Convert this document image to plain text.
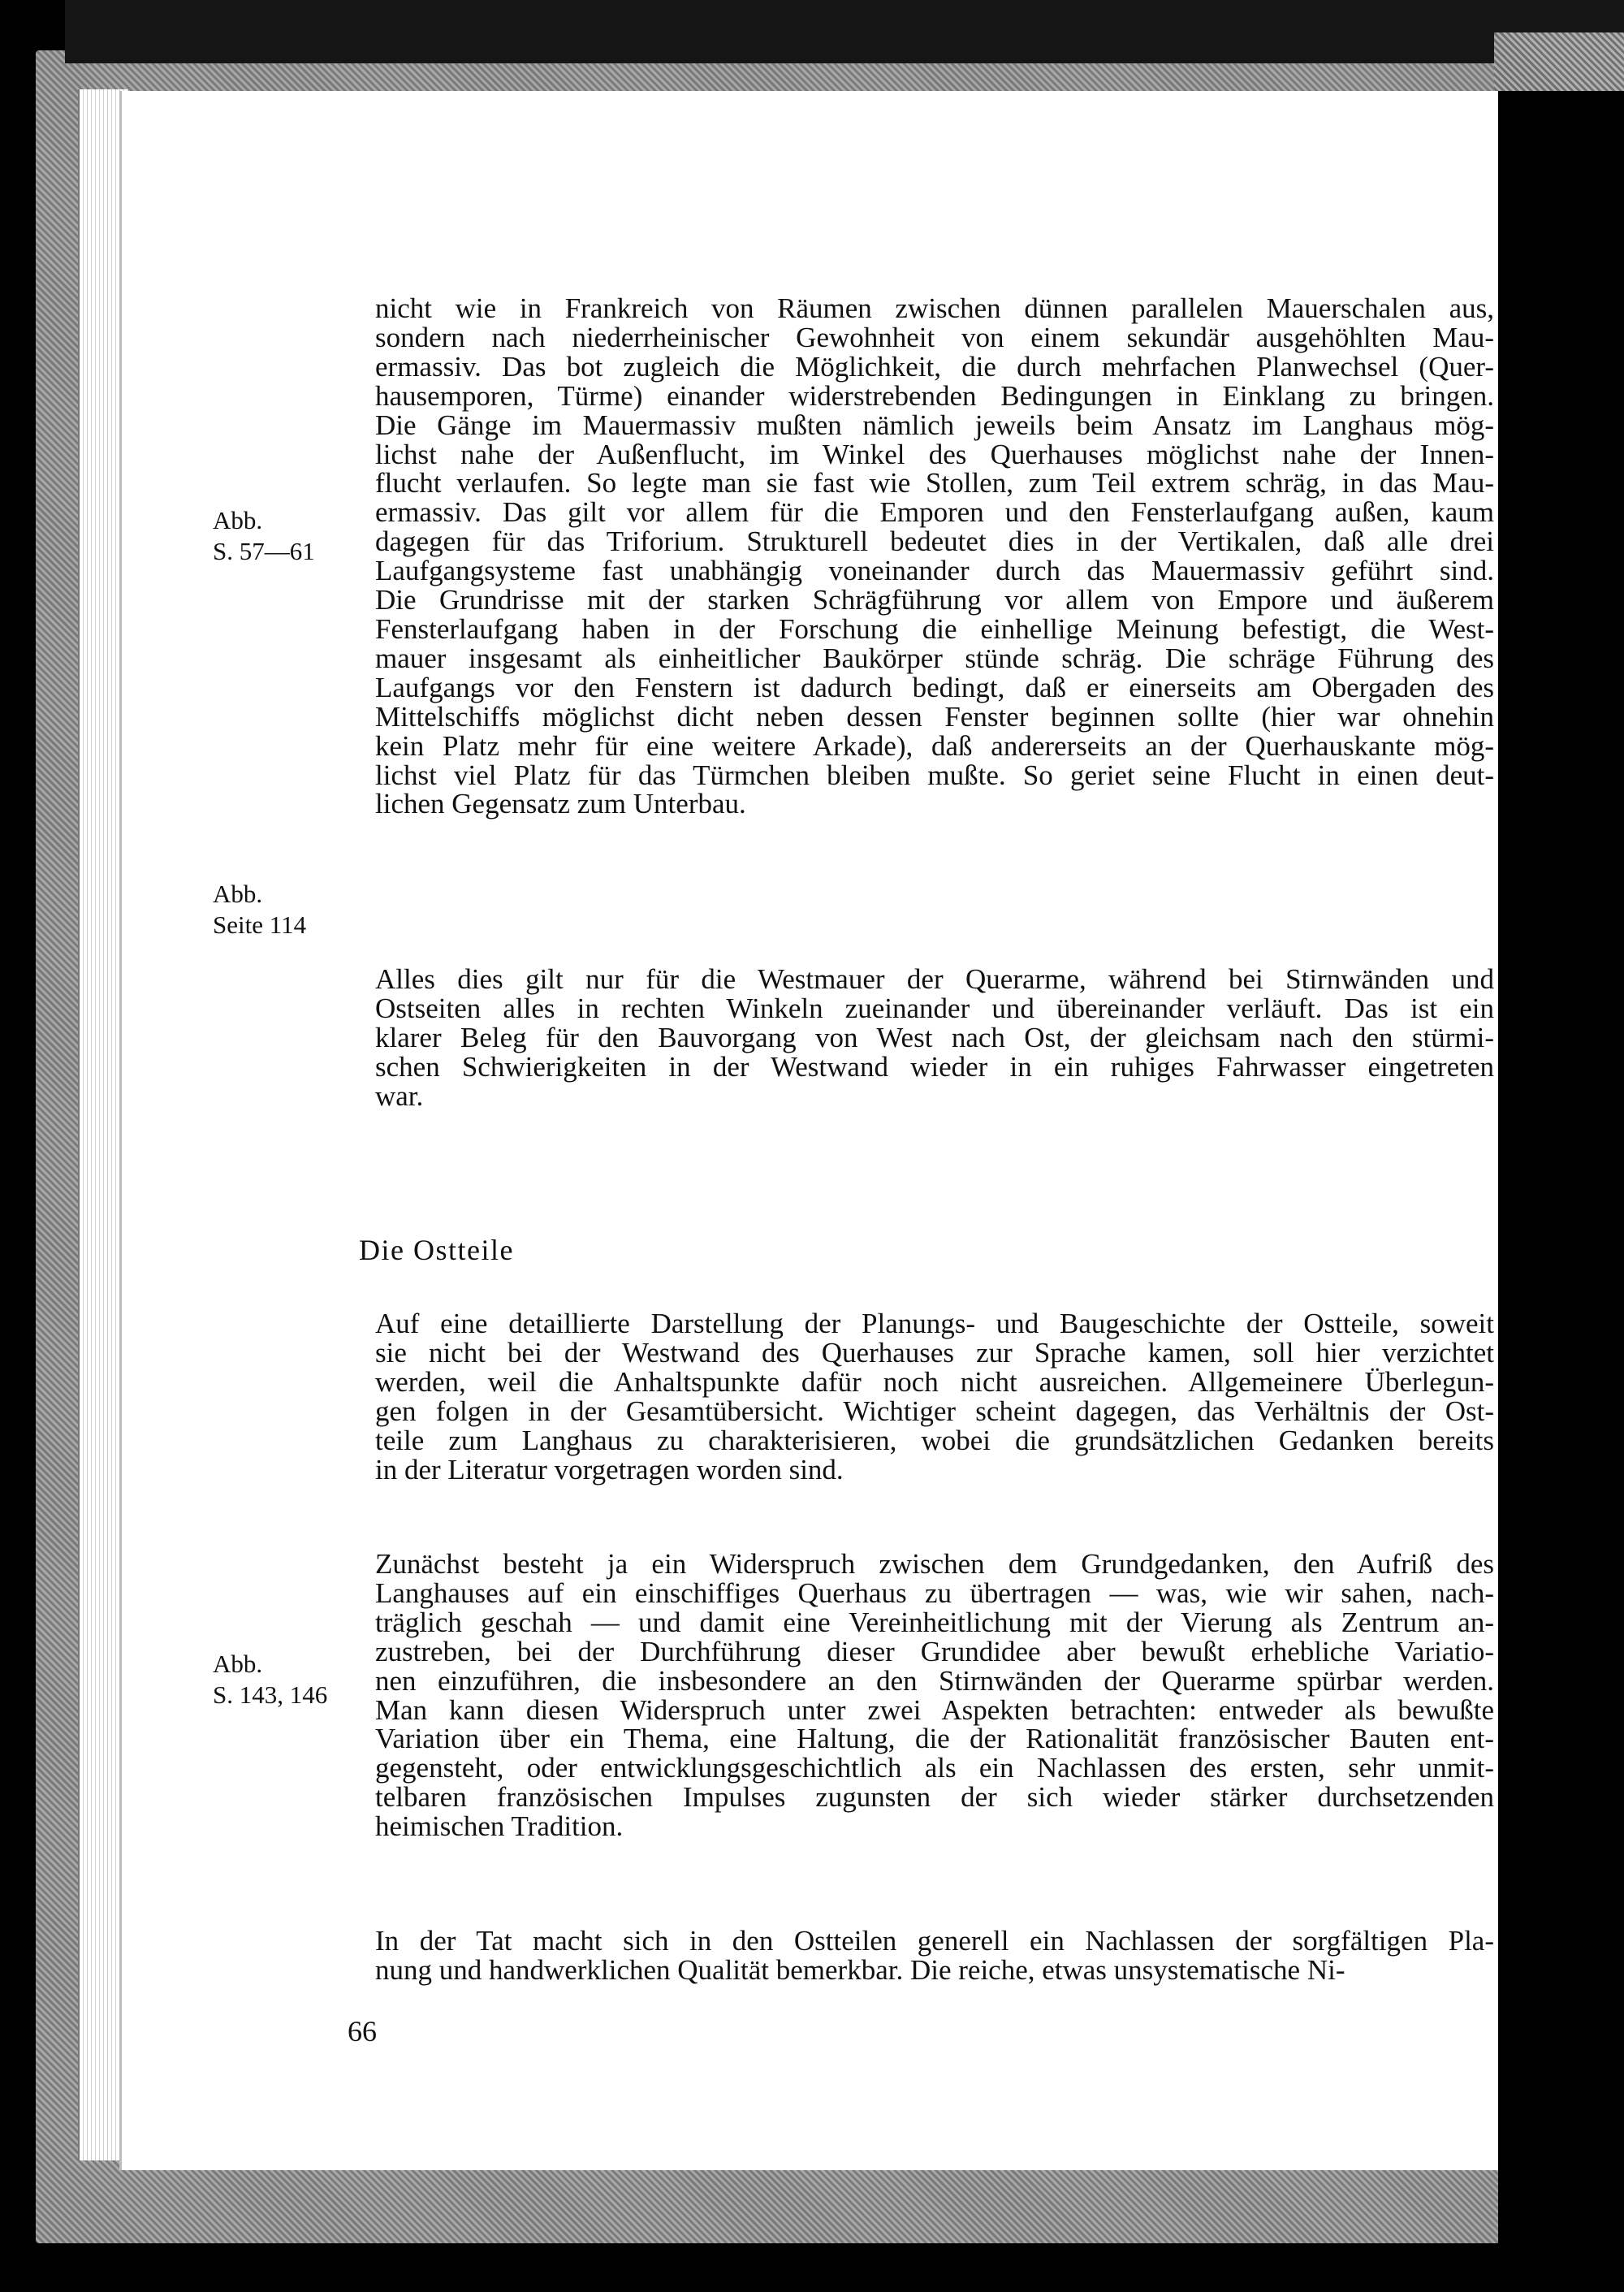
nicht wie in Frankreich von Räumen zwischen dünnen parallelen Mauerschalen aus,
sondern nach niederrheinischer Gewohnheit von einem sekundär ausgehöhlten Mau-
ermassiv. Das bot zugleich die Möglichkeit, die durch mehrfachen Planwechsel (Quer-
hausemporen, Türme) einander widerstrebenden Bedingungen in Einklang zu bringen.
Die Gänge im Mauermassiv mußten nämlich jeweils beim Ansatz im Langhaus mög-
lichst nahe der Außenflucht, im Winkel des Querhauses möglichst nahe der Innen-
flucht verlaufen. So legte man sie fast wie Stollen, zum Teil extrem schräg, in das Mau-
ermassiv. Das gilt vor allem für die Emporen und den Fensterlaufgang außen, kaum
dagegen für das Triforium. Strukturell bedeutet dies in der Vertikalen, daß alle drei
Laufgangsysteme fast unabhängig voneinander durch das Mauermassiv geführt sind.
Die Grundrisse mit der starken Schrägführung vor allem von Empore und äußerem
Fensterlaufgang haben in der Forschung die einhellige Meinung befestigt, die West-
mauer insgesamt als einheitlicher Baukörper stünde schräg. Die schräge Führung des
Laufgangs vor den Fenstern ist dadurch bedingt, daß er einerseits am Obergaden des
Mittelschiffs möglichst dicht neben dessen Fenster beginnen sollte (hier war ohnehin
kein Platz mehr für eine weitere Arkade), daß andererseits an der Querhauskante mög-
lichst viel Platz für das Türmchen bleiben mußte. So geriet seine Flucht in einen deut-
lichen Gegensatz zum Unterbau.
Alles dies gilt nur für die Westmauer der Querarme, während bei Stirnwänden und
Ostseiten alles in rechten Winkeln zueinander und übereinander verläuft. Das ist ein
klarer Beleg für den Bauvorgang von West nach Ost, der gleichsam nach den stürmi-
schen Schwierigkeiten in der Westwand wieder in ein ruhiges Fahrwasser eingetreten
war.
Auf eine detaillierte Darstellung der Planungs- und Baugeschichte der Ostteile, soweit
sie nicht bei der Westwand des Querhauses zur Sprache kamen, soll hier verzichtet
werden, weil die Anhaltspunkte dafür noch nicht ausreichen. Allgemeinere Überlegun-
gen folgen in der Gesamtübersicht. Wichtiger scheint dagegen, das Verhältnis der Ost-
teile zum Langhaus zu charakterisieren, wobei die grundsätzlichen Gedanken bereits
in der Literatur vorgetragen worden sind.
Zunächst besteht ja ein Widerspruch zwischen dem Grundgedanken, den Aufriß des
Langhauses auf ein einschiffiges Querhaus zu übertragen — was, wie wir sahen, nach-
träglich geschah — und damit eine Vereinheitlichung mit der Vierung als Zentrum an-
zustreben, bei der Durchführung dieser Grundidee aber bewußt erhebliche Variatio-
nen einzuführen, die insbesondere an den Stirnwänden der Querarme spürbar werden.
Man kann diesen Widerspruch unter zwei Aspekten betrachten: entweder als bewußte
Variation über ein Thema, eine Haltung, die der Rationalität französischer Bauten ent-
gegensteht, oder entwicklungsgeschichtlich als ein Nachlassen des ersten, sehr unmit-
telbaren französischen Impulses zugunsten der sich wieder stärker durchsetzenden
heimischen Tradition.
In der Tat macht sich in den Ostteilen generell ein Nachlassen der sorgfältigen Pla-
nung und handwerklichen Qualität bemerkbar. Die reiche, etwas unsystematische Ni-
Abb.
S. 57—61
Abb.
Seite 114
Abb.
S. 143, 146
Die Ostteile
66
